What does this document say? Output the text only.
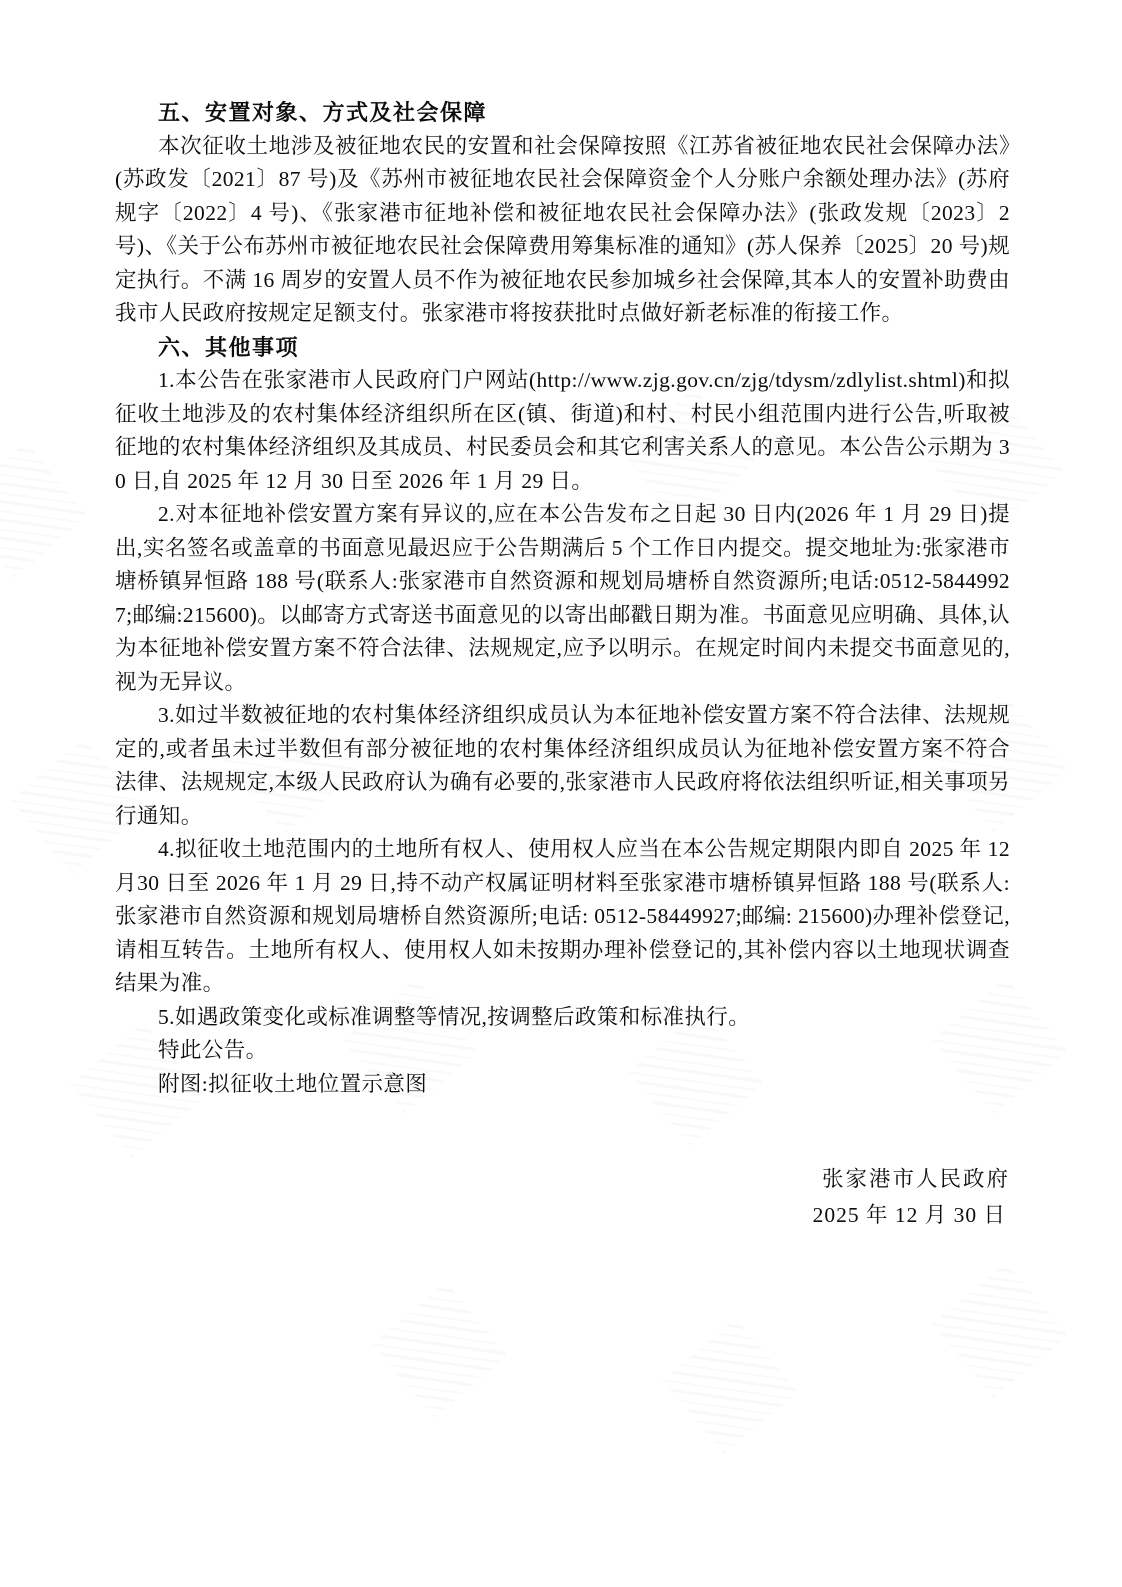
五、安置对象、方式及社会保障

本次征收土地涉及被征地农民的安置和社会保障按照《江苏省被征地农民社会保障办法》(苏政发〔2021〕87 号)及《苏州市被征地农民社会保障资金个人分账户余额处理办法》(苏府规字〔2022〕4 号)、《张家港市征地补偿和被征地农民社会保障办法》(张政发规〔2023〕2 号)、《关于公布苏州市被征地农民社会保障费用筹集标准的通知》(苏人保养〔2025〕20 号)规定执行。不满 16 周岁的安置人员不作为被征地农民参加城乡社会保障,其本人的安置补助费由我市人民政府按规定足额支付。张家港市将按获批时点做好新老标准的衔接工作。

六、其他事项

1.本公告在张家港市人民政府门户网站(http://www.zjg.gov.cn/zjg/tdysm/zdlylist.shtml)和拟征收土地涉及的农村集体经济组织所在区(镇、街道)和村、村民小组范围内进行公告,听取被征地的农村集体经济组织及其成员、村民委员会和其它利害关系人的意见。本公告公示期为 30 日,自 2025 年 12 月 30 日至 2026 年 1 月 29 日。

2.对本征地补偿安置方案有异议的,应在本公告发布之日起 30 日内(2026 年 1 月 29 日)提出,实名签名或盖章的书面意见最迟应于公告期满后 5 个工作日内提交。提交地址为:张家港市塘桥镇昇恒路 188 号(联系人:张家港市自然资源和规划局塘桥自然资源所;电话:0512-58449927;邮编:215600)。以邮寄方式寄送书面意见的以寄出邮戳日期为准。书面意见应明确、具体,认为本征地补偿安置方案不符合法律、法规规定,应予以明示。在规定时间内未提交书面意见的,视为无异议。

3.如过半数被征地的农村集体经济组织成员认为本征地补偿安置方案不符合法律、法规规定的,或者虽未过半数但有部分被征地的农村集体经济组织成员认为征地补偿安置方案不符合法律、法规规定,本级人民政府认为确有必要的,张家港市人民政府将依法组织听证,相关事项另行通知。

4.拟征收土地范围内的土地所有权人、使用权人应当在本公告规定期限内即自 2025 年 12 月30 日至 2026 年 1 月 29 日,持不动产权属证明材料至张家港市塘桥镇昇恒路 188 号(联系人:张家港市自然资源和规划局塘桥自然资源所;电话: 0512-58449927;邮编: 215600)办理补偿登记,请相互转告。土地所有权人、使用权人如未按期办理补偿登记的,其补偿内容以土地现状调查结果为准。

5.如遇政策变化或标准调整等情况,按调整后政策和标准执行。

特此公告。

附图:拟征收土地位置示意图

张家港市人民政府
2025 年 12 月 30 日
